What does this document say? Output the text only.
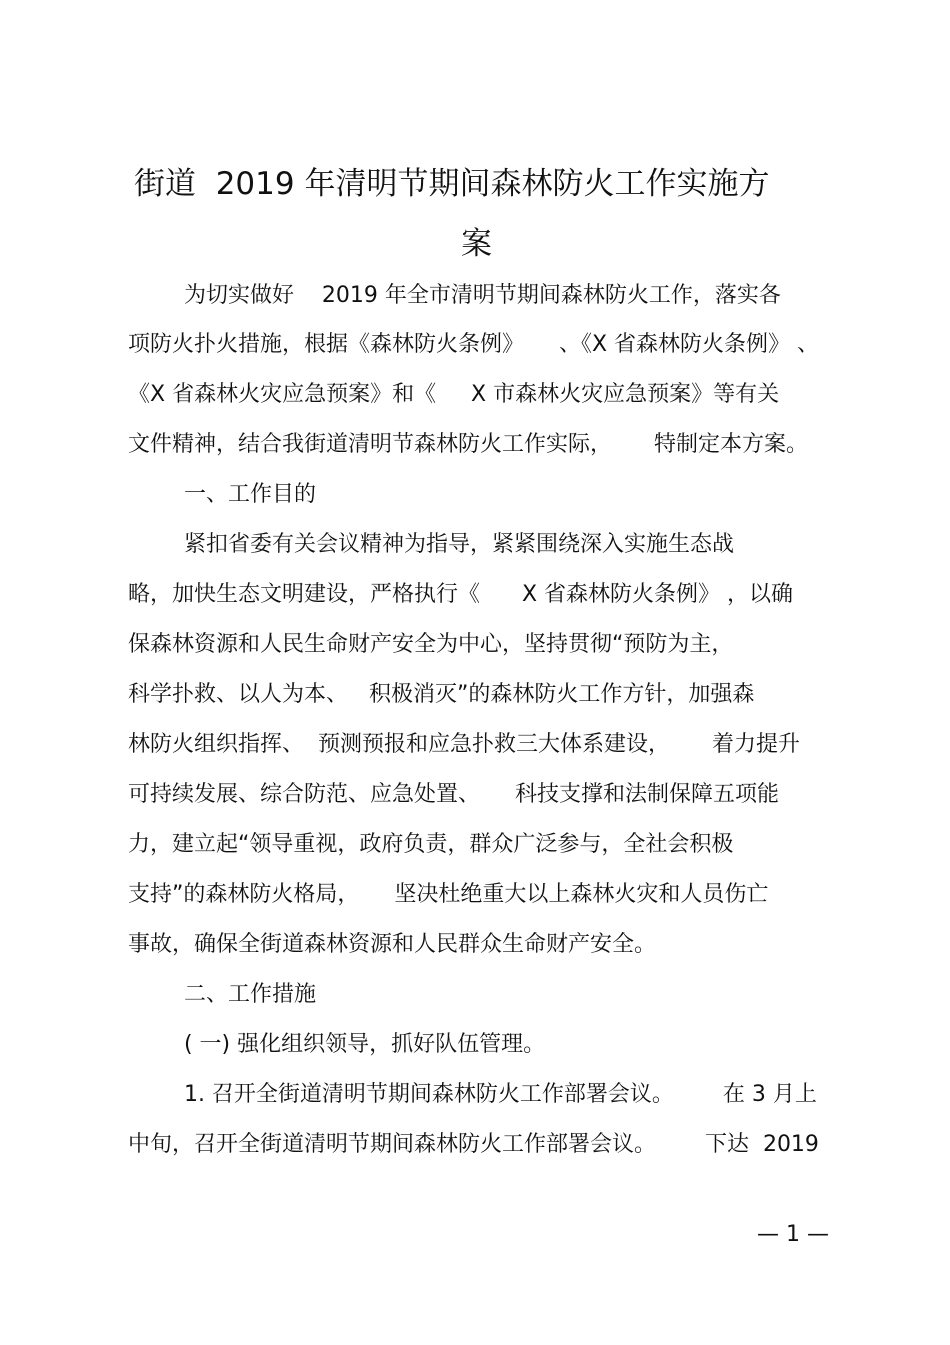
街道  2019 年清明节期间森林防火工作实施方
案
为切实做好    2019 年全市清明节期间森林防火工作，落实各
项防火扑火措施，根据《森林防火条例》     、《X 省森林防火条例》 、
《X 省森林火灾应急预案》和《     X 市森林火灾应急预案》等有关
文件精神，结合我街道清明节森林防火工作实际，      特制定本方案。
一、工作目的
紧扣省委有关会议精神为指导，紧紧围绕深入实施生态战
略，加快生态文明建设，严格执行《      X 省森林防火条例》 ，以确
保森林资源和人民生命财产安全为中心，坚持贯彻“预防为主，
科学扑救、以人为本、   积极消灭”的森林防火工作方针，加强森
林防火组织指挥、  预测预报和应急扑救三大体系建设，      着力提升
可持续发展、综合防范、应急处置、     科技支撑和法制保障五项能
力，建立起“领导重视，政府负责，群众广泛参与，全社会积极
支持”的森林防火格局，     坚决杜绝重大以上森林火灾和人员伤亡
事故，确保全街道森林资源和人民群众生命财产安全。
二、工作措施
( 一) 强化组织领导，抓好队伍管理。
1. 召开全街道清明节期间森林防火工作部署会议。       在 3 月上
中旬，召开全街道清明节期间森林防火工作部署会议。       下达  2019
— 1 —
